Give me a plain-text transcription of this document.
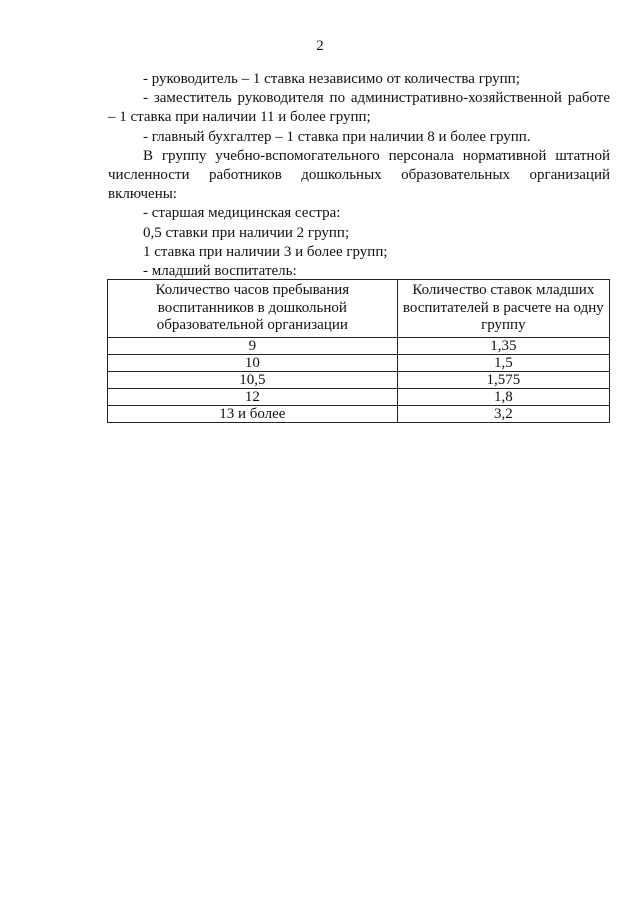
2

- руководитель – 1 ставка независимо от количества групп;

- заместитель руководителя по административно-хозяйственной работе – 1 ставка при наличии 11 и более групп;

- главный бухгалтер – 1 ставка при наличии 8 и более групп.

В группу учебно-вспомогательного персонала нормативной штатной численности работников дошкольных образовательных организаций включены:

- старшая медицинская сестра:

0,5 ставки при наличии 2 групп;

1 ставка при наличии 3 и более групп;

- младший воспитатель:

Количество часов пребывания воспитанников в дошкольной образовательной организации	Количество ставок младших воспитателей в расчете на одну группу
9	1,35
10	1,5
10,5	1,575
12	1,8
13 и более	3,2
